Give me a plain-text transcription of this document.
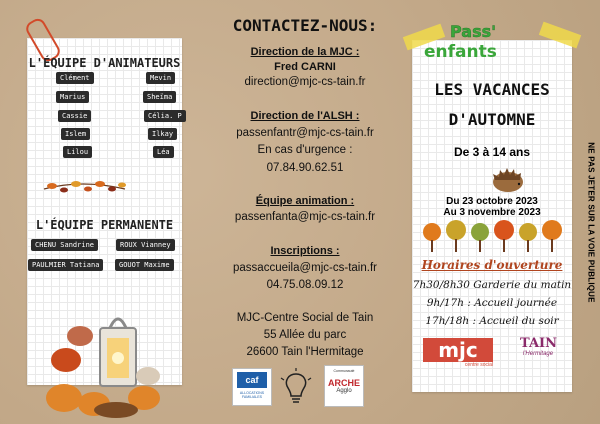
L'ÉQUIPE D'ANIMATEURS
Clément	Mevin
Marius	Sheïma
Cassie	Célia. P
Islem	Ilkay
Lilou	Léa
L'ÉQUIPE PERMANENTE
CHENU Sandrine	ROUX Vianney
PAULMIER Tatiana	GOUOT Maxime
CONTACTEZ-NOUS:
Direction de la MJC :
Fred CARNI
direction@mjc-cs-tain.fr
Direction de l'ALSH :
passenfantr@mjc-cs-tain.fr
En cas d'urgence :
07.84.90.62.51
Équipe animation :
passenfanta@mjc-cs-tain.fr
Inscriptions :
passaccueila@mjc-cs-tain.fr
04.75.08.09.12
MJC-Centre Social de Tain
55 Allée du parc
26600 Tain l'Hermitage
caf
ALLOCATIONS FAMILIALES
Communauté
ARCHE
Agglo
Pass'
enfants
LES VACANCES
D'AUTOMNE
De 3 à 14 ans
Du 23 octobre 2023
Au 3 novembre 2023
Horaires d'ouverture
7h30/8h30 Garderie du matin
9h/17h : Accueil journée
17h/18h : Accueil du soir
mjc
centre social
TAIN
l'Hermitage
NE PAS JETER SUR LA VOIE PUBLIQUE
